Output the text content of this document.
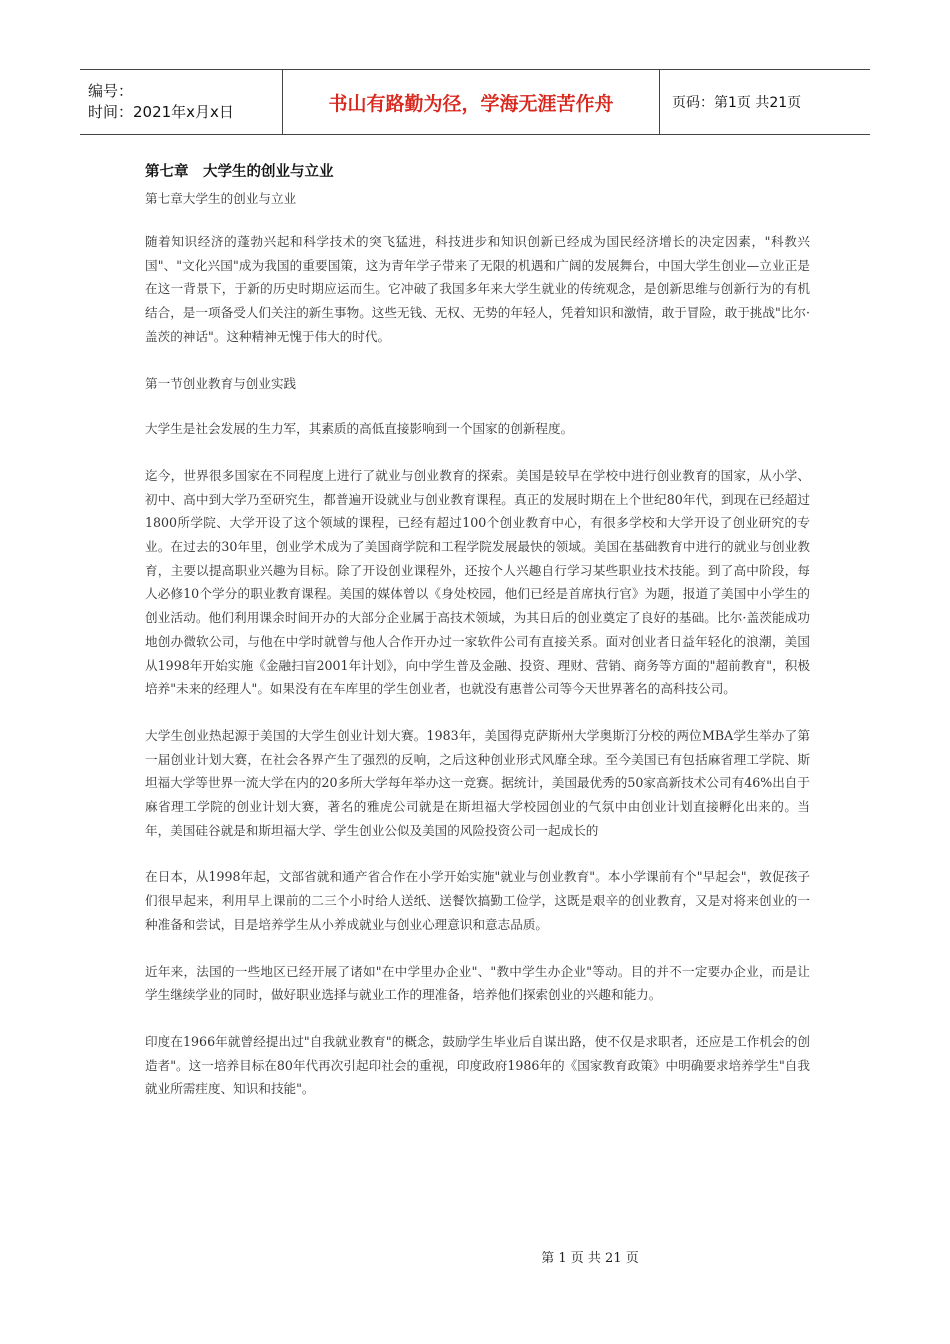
编号：
时间：2021年x月x日	书山有路勤为径，学海无涯苦作舟	页码：第1页 共21页
第七章　大学生的创业与立业
第七章大学生的创业与立业

随着知识经济的蓬勃兴起和科学技术的突飞猛进，科技进步和知识创新已经成为国民经济增长的决定因素，"科教兴国"、"文化兴国"成为我国的重要国策，这为青年学子带来了无限的机遇和广阔的发展舞台，中国大学生创业—立业正是在这一背景下，于新的历史时期应运而生。它冲破了我国多年来大学生就业的传统观念，是创新思维与创新行为的有机结合，是一项备受人们关注的新生事物。这些无钱、无权、无势的年轻人，凭着知识和激情，敢于冒险，敢于挑战"比尔·盖茨的神话"。这种精神无愧于伟大的时代。

第一节创业教育与创业实践

大学生是社会发展的生力军，其素质的高低直接影响到一个国家的创新程度。

迄今，世界很多国家在不同程度上进行了就业与创业教育的探索。美国是较早在学校中进行创业教育的国家，从小学、初中、高中到大学乃至研究生，都普遍开设就业与创业教育课程。真正的发展时期在上个世纪80年代，到现在已经超过1800所学院、大学开设了这个领域的课程，已经有超过100个创业教育中心，有很多学校和大学开设了创业研究的专业。在过去的30年里，创业学术成为了美国商学院和工程学院发展最快的领域。美国在基础教育中进行的就业与创业教育，主要以提高职业兴趣为目标。除了开设创业课程外，还按个人兴趣自行学习某些职业技术技能。到了高中阶段，每人必修10个学分的职业教育课程。美国的媒体曾以《身处校园，他们已经是首席执行官》为题，报道了美国中小学生的创业活动。他们利用课余时间开办的大部分企业属于高技术领域，为其日后的创业奠定了良好的基础。比尔·盖茨能成功地创办微软公司，与他在中学时就曾与他人合作开办过一家软件公司有直接关系。面对创业者日益年轻化的浪潮，美国从1998年开始实施《金融扫盲2001年计划》，向中学生普及金融、投资、理财、营销、商务等方面的"超前教育"，积极培养"未来的经理人"。如果没有在车库里的学生创业者，也就没有惠普公司等今天世界著名的高科技公司。

大学生创业热起源于美国的大学生创业计划大赛。1983年，美国得克萨斯州大学奥斯汀分校的两位MBA学生举办了第一届创业计划大赛，在社会各界产生了强烈的反响，之后这种创业形式风靡全球。至今美国已有包括麻省理工学院、斯坦福大学等世界一流大学在内的20多所大学每年举办这一竞赛。据统计，美国最优秀的50家高新技术公司有46%出自于麻省理工学院的创业计划大赛，著名的雅虎公司就是在斯坦福大学校园创业的气氛中由创业计划直接孵化出来的。当年，美国硅谷就是和斯坦福大学、学生创业公似及美国的风险投资公司一起成长的

在日本，从1998年起，文部省就和通产省合作在小学开始实施"就业与创业教育"。本小学课前有个"早起会"，敦促孩子们很早起来，利用早上课前的二三个小时给人送纸、送餐饮搞勤工俭学，这既是艰辛的创业教育，又是对将来创业的一种准备和尝试，目是培养学生从小养成就业与创业心理意识和意志品质。

近年来，法国的一些地区已经开展了诸如"在中学里办企业"、"教中学生办企业"等动。目的并不一定要办企业，而是让学生继续学业的同时，做好职业选择与就业工作的理准备，培养他们探索创业的兴趣和能力。

印度在1966年就曾经提出过"自我就业教育"的概念，鼓励学生毕业后自谋出路，使不仅是求职者，还应是工作机会的创造者"。这一培养目标在80年代再次引起印社会的重视，印度政府1986年的《国家教育政策》中明确要求培养学生"自我就业所需疰度、知识和技能"。

第 1 页 共 21 页
